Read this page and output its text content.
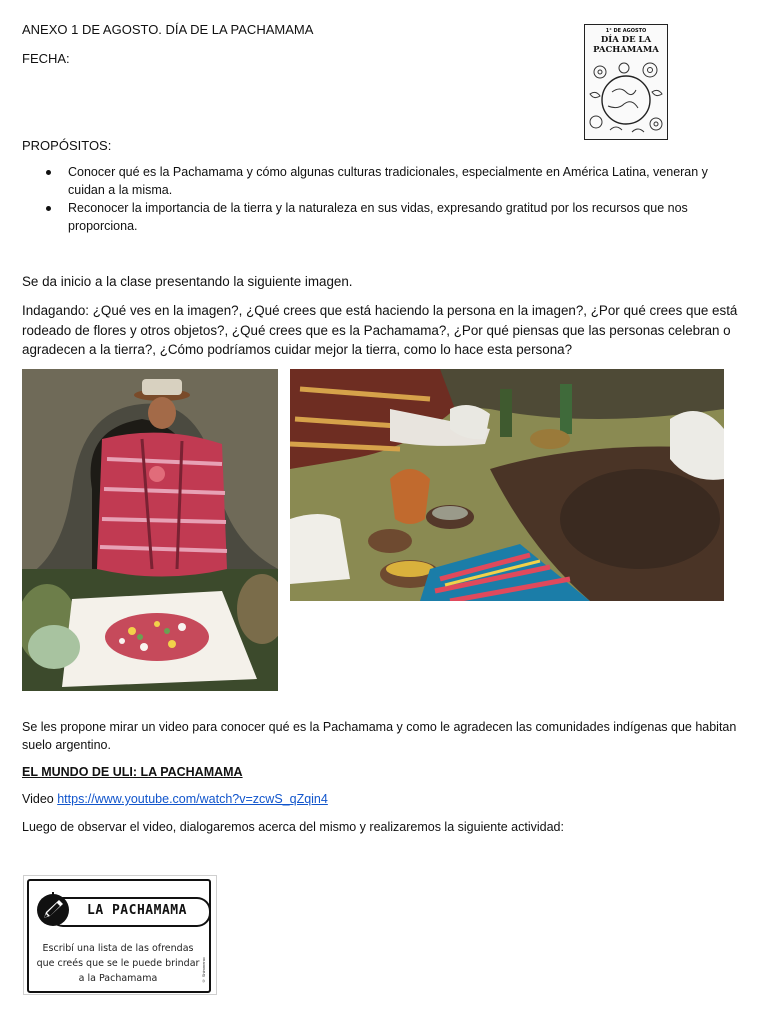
ANEXO 1 DE AGOSTO. DÍA DE LA PACHAMAMA
FECHA:
1° DE AGOSTO
DÍA DE LA PACHAMAMA
PROPÓSITOS:
Conocer qué es la Pachamama y cómo algunas culturas tradicionales, especialmente en América Latina, veneran y cuidan a la misma.
Reconocer la importancia de la tierra y la naturaleza en sus vidas, expresando gratitud por los recursos que nos proporciona.
Se da inicio a la clase presentando la siguiente imagen.
Indagando: ¿Qué ves en la imagen?, ¿Qué crees que está haciendo la persona en la imagen?, ¿Por qué crees que está rodeado de flores y otros objetos?, ¿Qué crees que es la Pachamama?, ¿Por qué piensas que las personas celebran o agradecen a la tierra?, ¿Cómo podríamos cuidar mejor la tierra, como lo hace esta persona?
Se les propone mirar un video para conocer qué es la Pachamama y como le agradecen las comunidades indígenas que habitan suelo argentino.
EL MUNDO DE ULI: LA PACHAMAMA
Video https://www.youtube.com/watch?v=zcwS_qZqin4
Luego de observar el video, dialogaremos acerca del mismo y realizaremos la siguiente actividad:
LA PACHAMAMA
Escribí una lista de las ofrendas que creés que se le puede brindar a la Pachamama	© Shimmerac
